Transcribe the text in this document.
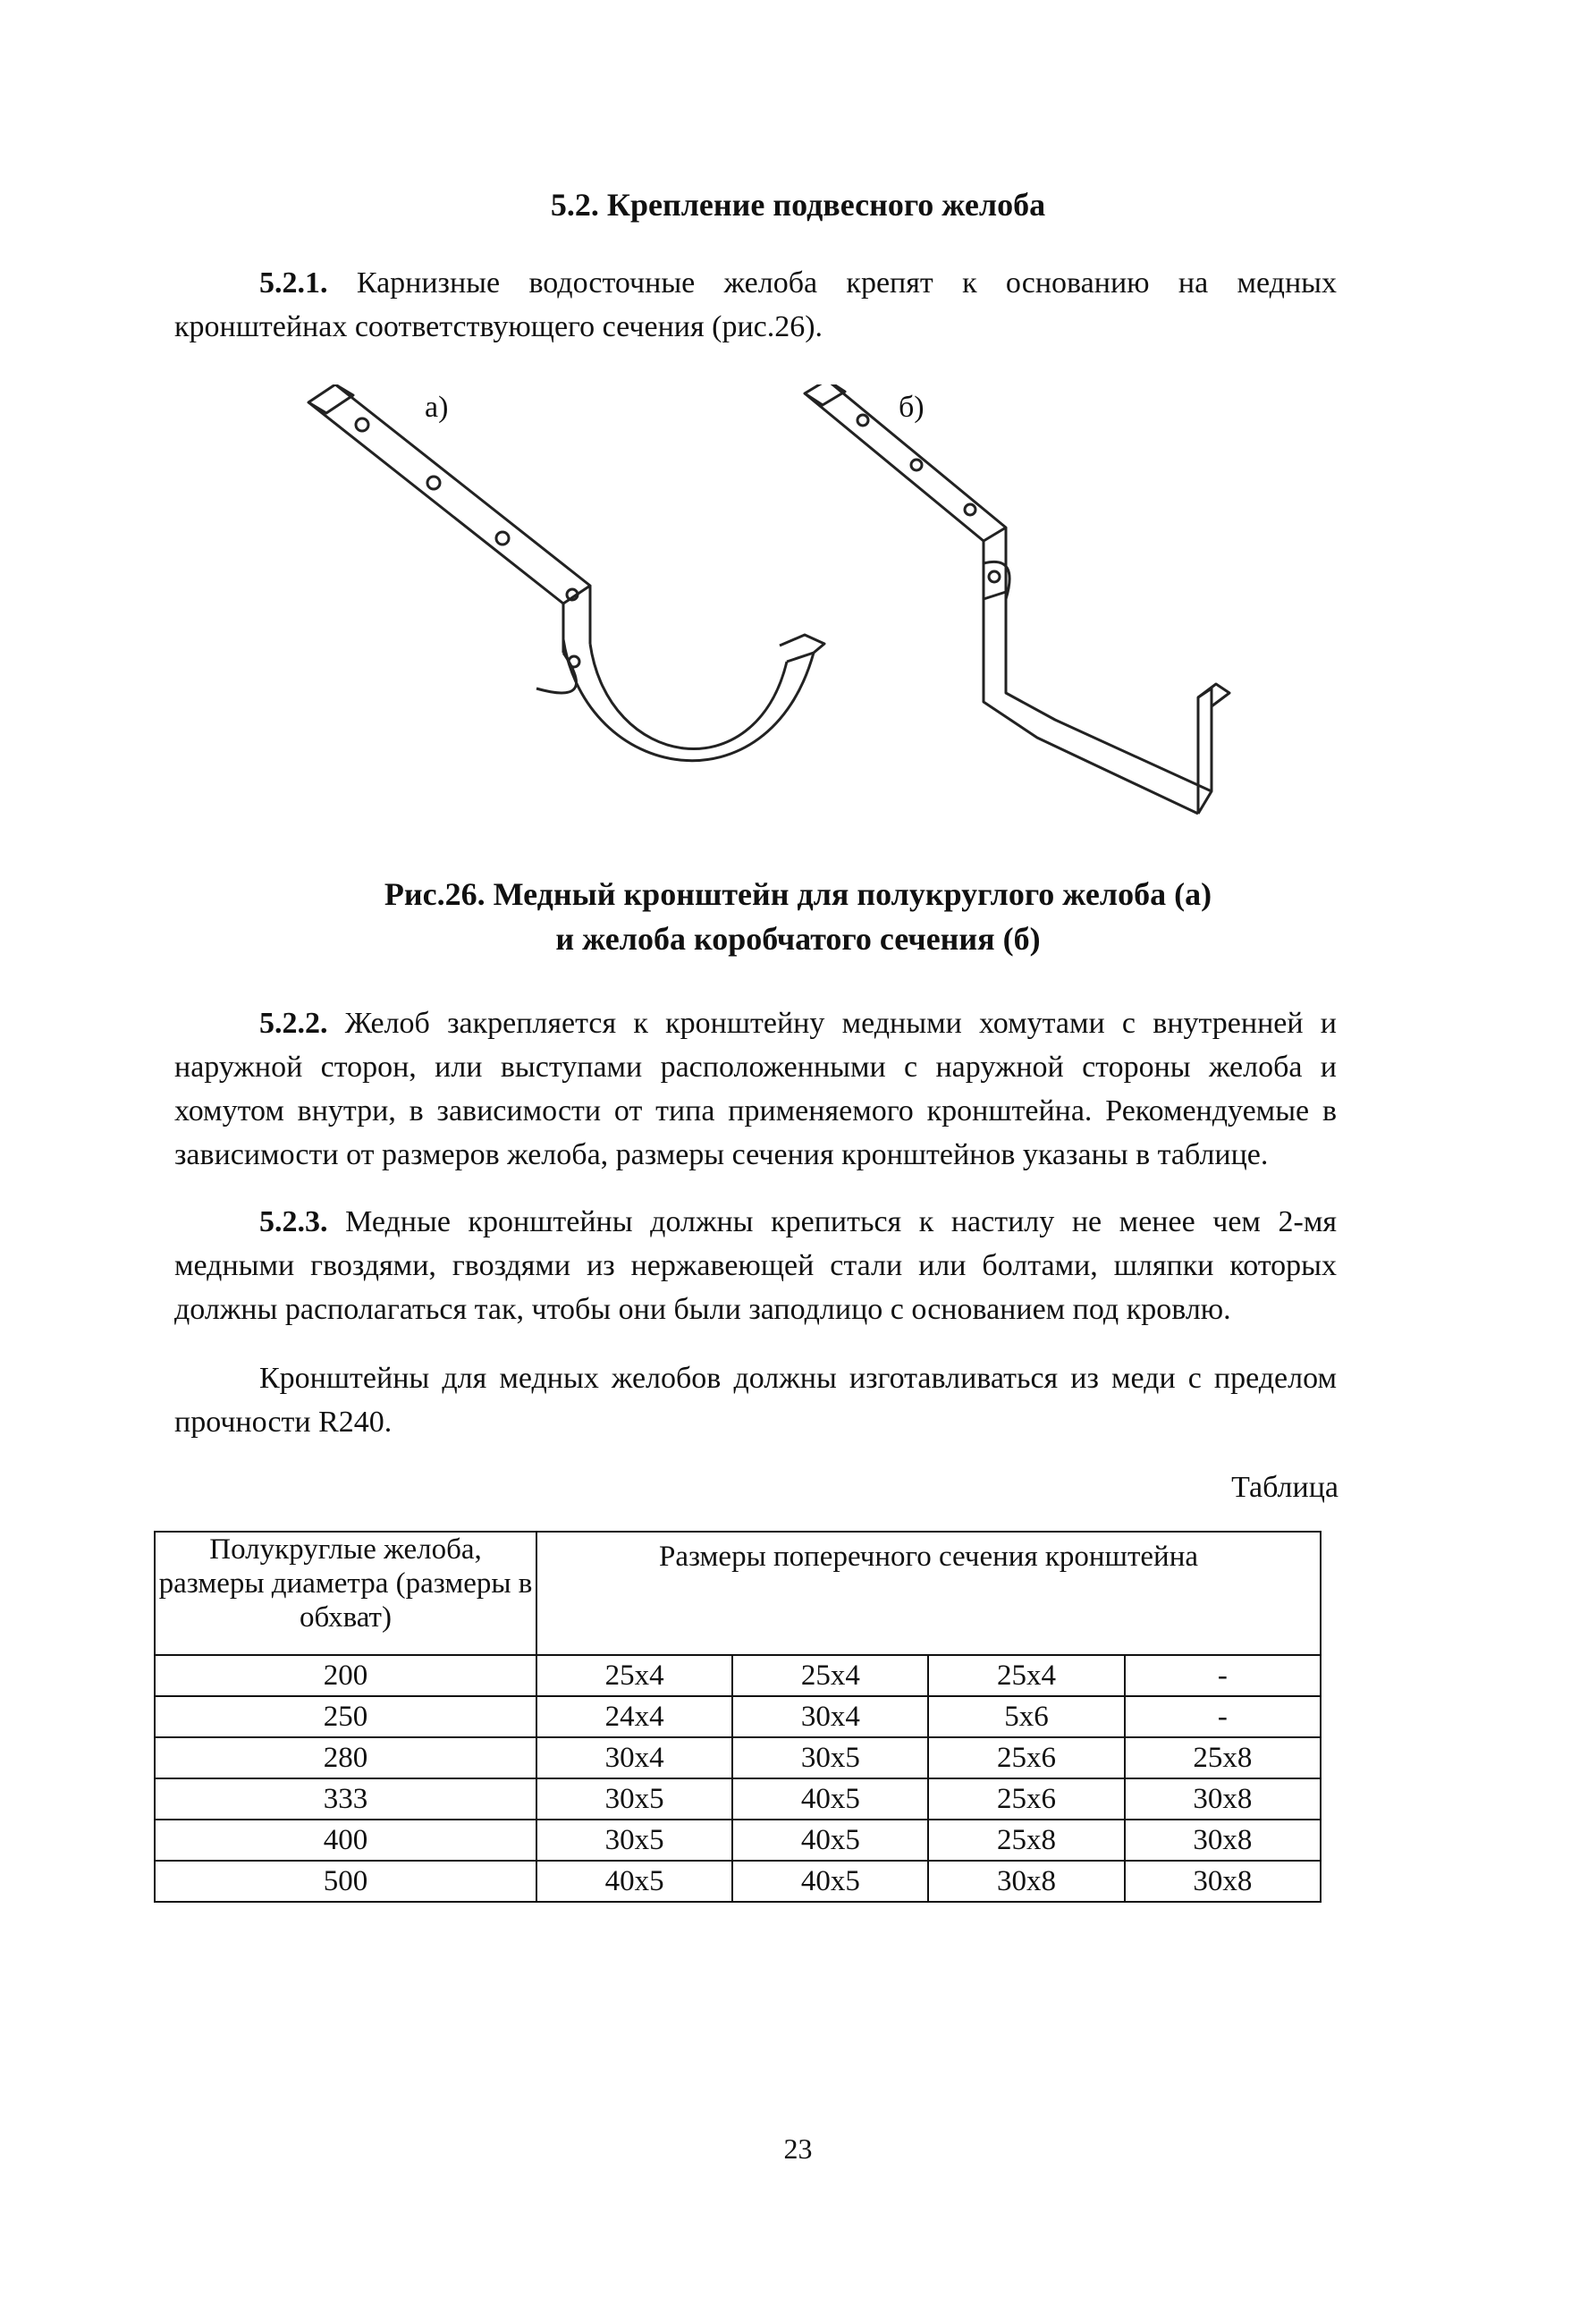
5.2. Крепление подвесного желоба
5.2.1. Карнизные водосточные желоба крепят к основанию на медных кронштейнах соответствующего сечения (рис.26).
а)	б)
Рис.26. Медный кронштейн для полукруглого желоба (а)
и желоба коробчатого сечения (б)
5.2.2. Желоб закрепляется к кронштейну медными хомутами с внутренней и наружной сторон, или выступами расположенными с наружной стороны желоба и хомутом внутри, в зависимости от типа применяемого кронштейна. Рекомендуемые в зависимости от размеров желоба, размеры сечения кронштейнов указаны в таблице.
5.2.3. Медные кронштейны должны крепиться к настилу не менее чем 2-мя медными гвоздями, гвоздями из нержавеющей стали или болтами, шляпки которых должны располагаться так, чтобы они были заподлицо с основанием под кровлю.
Кронштейны для медных желобов должны изготавливаться из меди с пределом прочности R240.
Таблица
Полукруглые желоба, размеры диаметра (размеры в обхват)	Размеры поперечного сечения кронштейна			
200	25х4	25х4	25х4	-
250	24х4	30х4	5х6	-
280	30х4	30х5	25х6	25х8
333	30х5	40х5	25х6	30х8
400	30х5	40х5	25х8	30х8
500	40х5	40х5	30х8	30х8
23
